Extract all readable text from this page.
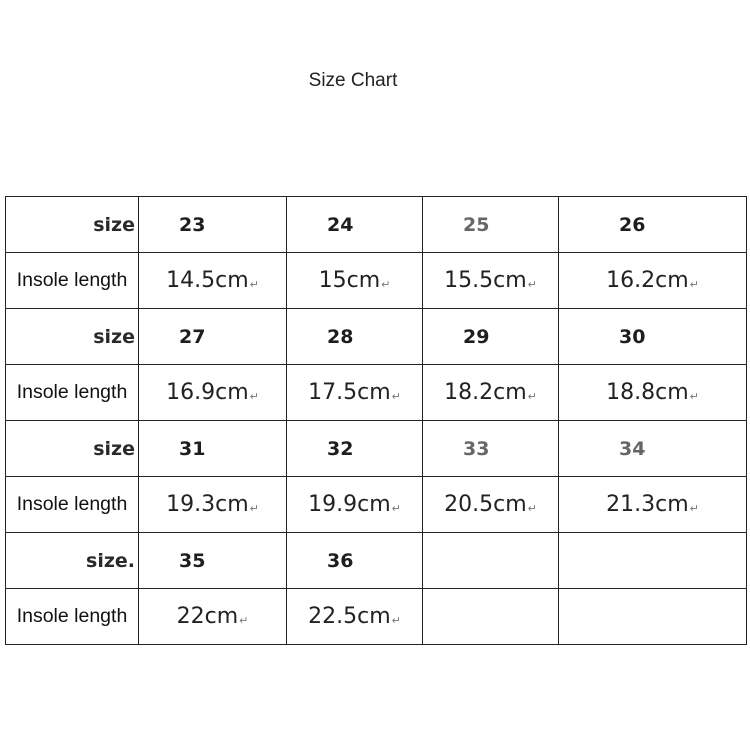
Size Chart
size	23	24	25	26
Insole length	14.5cm↵	15cm↵	15.5cm↵	16.2cm↵
size	27	28	29	30
Insole length	16.9cm↵	17.5cm↵	18.2cm↵	18.8cm↵
size	31	32	33	34
Insole length	19.3cm↵	19.9cm↵	20.5cm↵	21.3cm↵
size.	35	36		
Insole length	22cm↵	22.5cm↵		
